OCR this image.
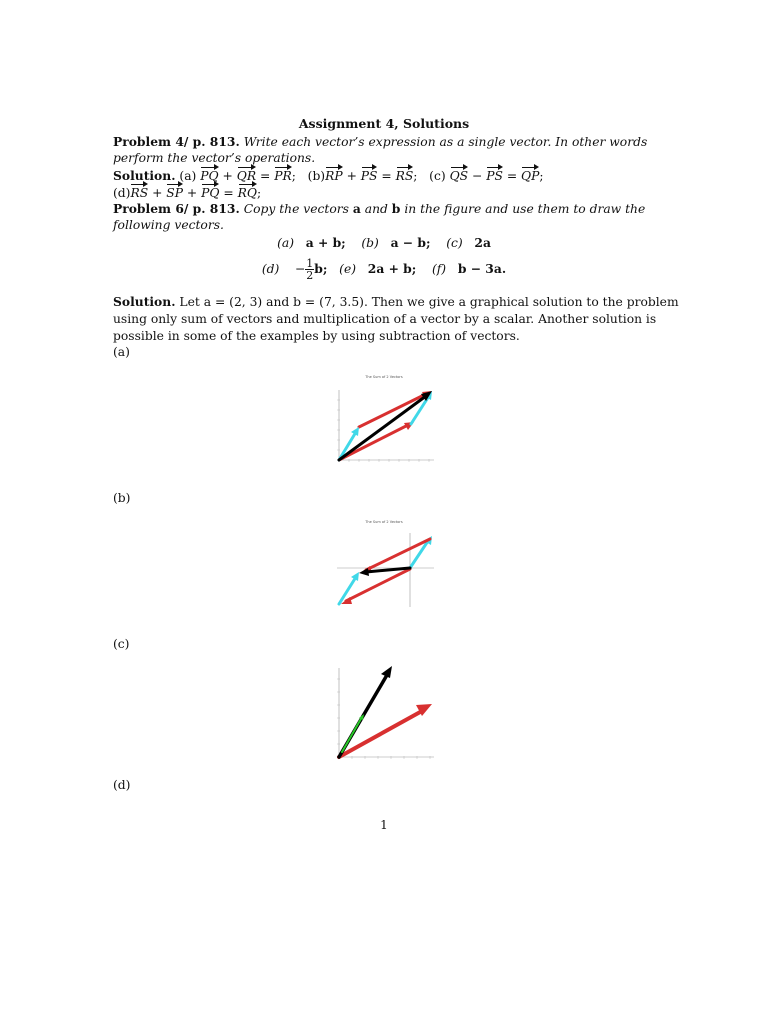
Assignment 4, Solutions
Problem 4/ p. 813. Write each vector’s expression as a single vector. In other words
perform the vector’s operations.
Solution. (a) PQ + QR = PR;   (b)RP + PS = RS;   (c) QS − PS = QP;
(d)RS + SP + PQ = RQ;
Problem 6/ p. 813. Copy the vectors a and b in the figure and use them to draw the
following vectors.
(a) a + b; (b) a − b; (c) 2a
$(d) - \frac{1}{2} b$; (e) 2a + b; (f) b − 3a.
Solution. Let a = (2, 3) and b = (7, 3.5). Then we give a graphical solution to the problem
using only sum of vectors and multiplication of a vector by a scalar. Another solution is
possible in some of the examples by using subtraction of vectors.
(a)
The Sum of 2 Vectors
(b)
The Sum of 2 Vectors
(c)
(d)
1
